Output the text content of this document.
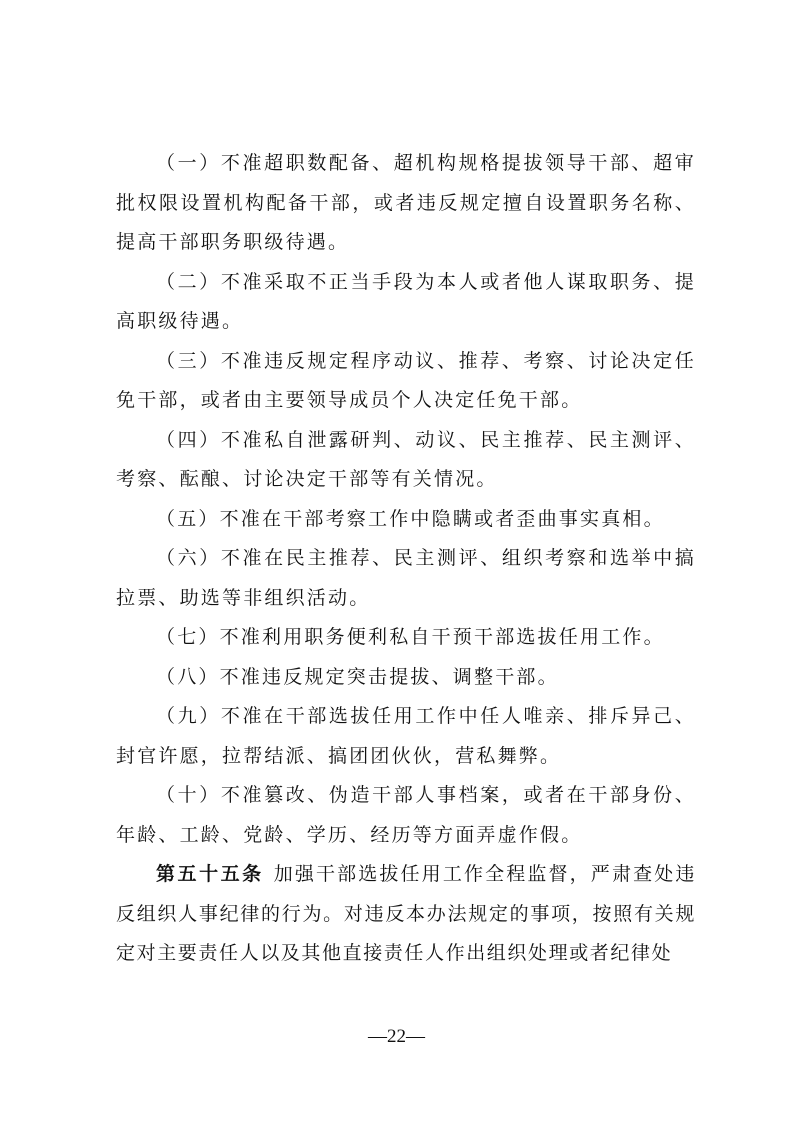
（一）不准超职数配备、超机构规格提拔领导干部、超审批权限设置机构配备干部，或者违反规定擅自设置职务名称、提高干部职务职级待遇。

（二）不准采取不正当手段为本人或者他人谋取职务、提高职级待遇。

（三）不准违反规定程序动议、推荐、考察、讨论决定任免干部，或者由主要领导成员个人决定任免干部。

（四）不准私自泄露研判、动议、民主推荐、民主测评、考察、酝酿、讨论决定干部等有关情况。

（五）不准在干部考察工作中隐瞒或者歪曲事实真相。

（六）不准在民主推荐、民主测评、组织考察和选举中搞拉票、助选等非组织活动。

（七）不准利用职务便利私自干预干部选拔任用工作。

（八）不准违反规定突击提拔、调整干部。

（九）不准在干部选拔任用工作中任人唯亲、排斥异己、封官许愿，拉帮结派、搞团团伙伙，营私舞弊。

（十）不准篡改、伪造干部人事档案，或者在干部身份、年龄、工龄、党龄、学历、经历等方面弄虚作假。

第五十五条 加强干部选拔任用工作全程监督，严肃查处违反组织人事纪律的行为。对违反本办法规定的事项，按照有关规定对主要责任人以及其他直接责任人作出组织处理或者纪律处

—22—
